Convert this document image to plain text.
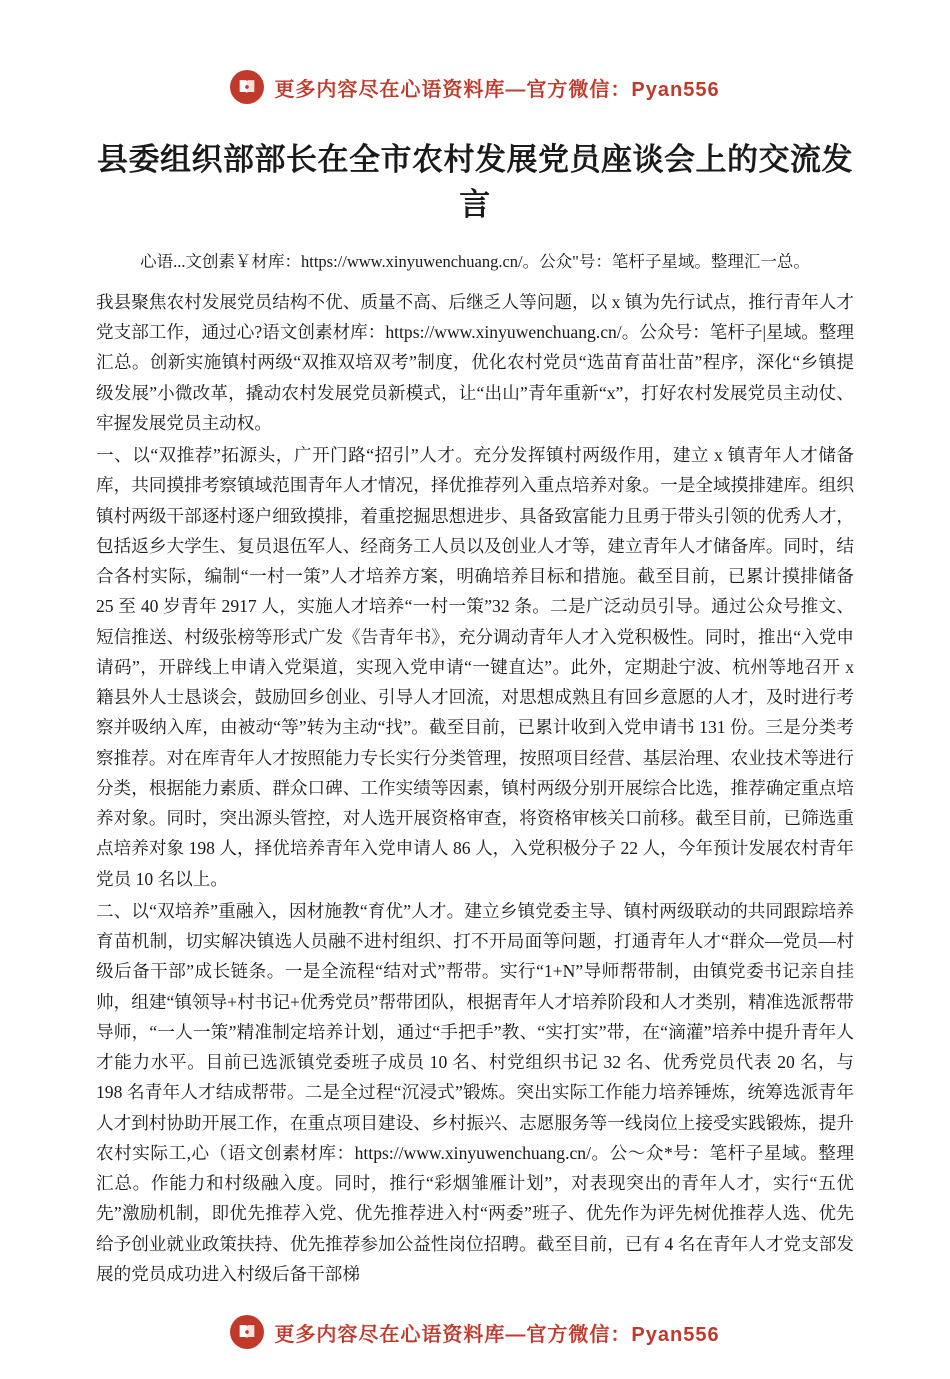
更多内容尽在心语资料库—官方微信：Pyan556
县委组织部部长在全市农村发展党员座谈会上的交流发言
心语...文创素￥材库：https://www.xinyuwenchuang.cn/。公众"号：笔杆子星域。整理汇一总。

我县聚焦农村发展党员结构不优、质量不高、后继乏人等问题，以 x 镇为先行试点，推行青年人才党支部工作，通过心?语文创素材库：https://www.xinyuwenchuang.cn/。公众号：笔杆子|星域。整理汇总。创新实施镇村两级“双推双培双考”制度，优化农村党员“选苗育苗壮苗”程序，深化“乡镇提级发展”小微改革，撬动农村发展党员新模式，让“出山”青年重新“x”，打好农村发展党员主动仗、牢握发展党员主动权。

一、以“双推荐”拓源头，广开门路“招引”人才。充分发挥镇村两级作用，建立 x 镇青年人才储备库，共同摸排考察镇域范围青年人才情况，择优推荐列入重点培养对象。一是全域摸排建库。组织镇村两级干部逐村逐户细致摸排，着重挖掘思想进步、具备致富能力且勇于带头引领的优秀人才，包括返乡大学生、复员退伍军人、经商务工人员以及创业人才等，建立青年人才储备库。同时，结合各村实际，编制“一村一策”人才培养方案，明确培养目标和措施。截至目前，已累计摸排储备 25 至 40 岁青年 2917 人，实施人才培养“一村一策”32 条。二是广泛动员引导。通过公众号推文、短信推送、村级张榜等形式广发《告青年书》，充分调动青年人才入党积极性。同时，推出“入党申请码”，开辟线上申请入党渠道，实现入党申请“一键直达”。此外，定期赴宁波、杭州等地召开 x 籍县外人士恳谈会，鼓励回乡创业、引导人才回流，对思想成熟且有回乡意愿的人才，及时进行考察并吸纳入库，由被动“等”转为主动“找”。截至目前，已累计收到入党申请书 131 份。三是分类考察推荐。对在库青年人才按照能力专长实行分类管理，按照项目经营、基层治理、农业技术等进行分类，根据能力素质、群众口碑、工作实绩等因素，镇村两级分别开展综合比选，推荐确定重点培养对象。同时，突出源头管控，对人选开展资格审查，将资格审核关口前移。截至目前，已筛选重点培养对象 198 人，择优培养青年入党申请人 86 人，入党积极分子 22 人，今年预计发展农村青年党员 10 名以上。

二、以“双培养”重融入，因材施教“育优”人才。建立乡镇党委主导、镇村两级联动的共同跟踪培养育苗机制，切实解决镇选人员融不进村组织、打不开局面等问题，打通青年人才“群众—党员—村级后备干部”成长链条。一是全流程“结对式”帮带。实行“1+N”导师帮带制，由镇党委书记亲自挂帅，组建“镇领导+村书记+优秀党员”帮带团队，根据青年人才培养阶段和人才类别，精准选派帮带导师，“一人一策”精准制定培养计划，通过“手把手”教、“实打实”带，在“滴灌”培养中提升青年人才能力水平。目前已选派镇党委班子成员 10 名、村党组织书记 32 名、优秀党员代表 20 名，与 198 名青年人才结成帮带。二是全过程“沉浸式”锻炼。突出实际工作能力培养锤炼，统筹选派青年人才到村协助开展工作，在重点项目建设、乡村振兴、志愿服务等一线岗位上接受实践锻炼，提升农村实际工,心（语文创素材库：https://www.xinyuwenchuang.cn/。公～众*号：笔杆子星域。整理汇总。作能力和村级融入度。同时，推行“彩烟雏雁计划”，对表现突出的青年人才，实行“五优先”激励机制，即优先推荐入党、优先推荐进入村“两委”班子、优先作为评先树优推荐人选、优先给予创业就业政策扶持、优先推荐参加公益性岗位招聘。截至目前，已有 4 名在青年人才党支部发展的党员成功进入村级后备干部梯

更多内容尽在心语资料库—官方微信：Pyan556
